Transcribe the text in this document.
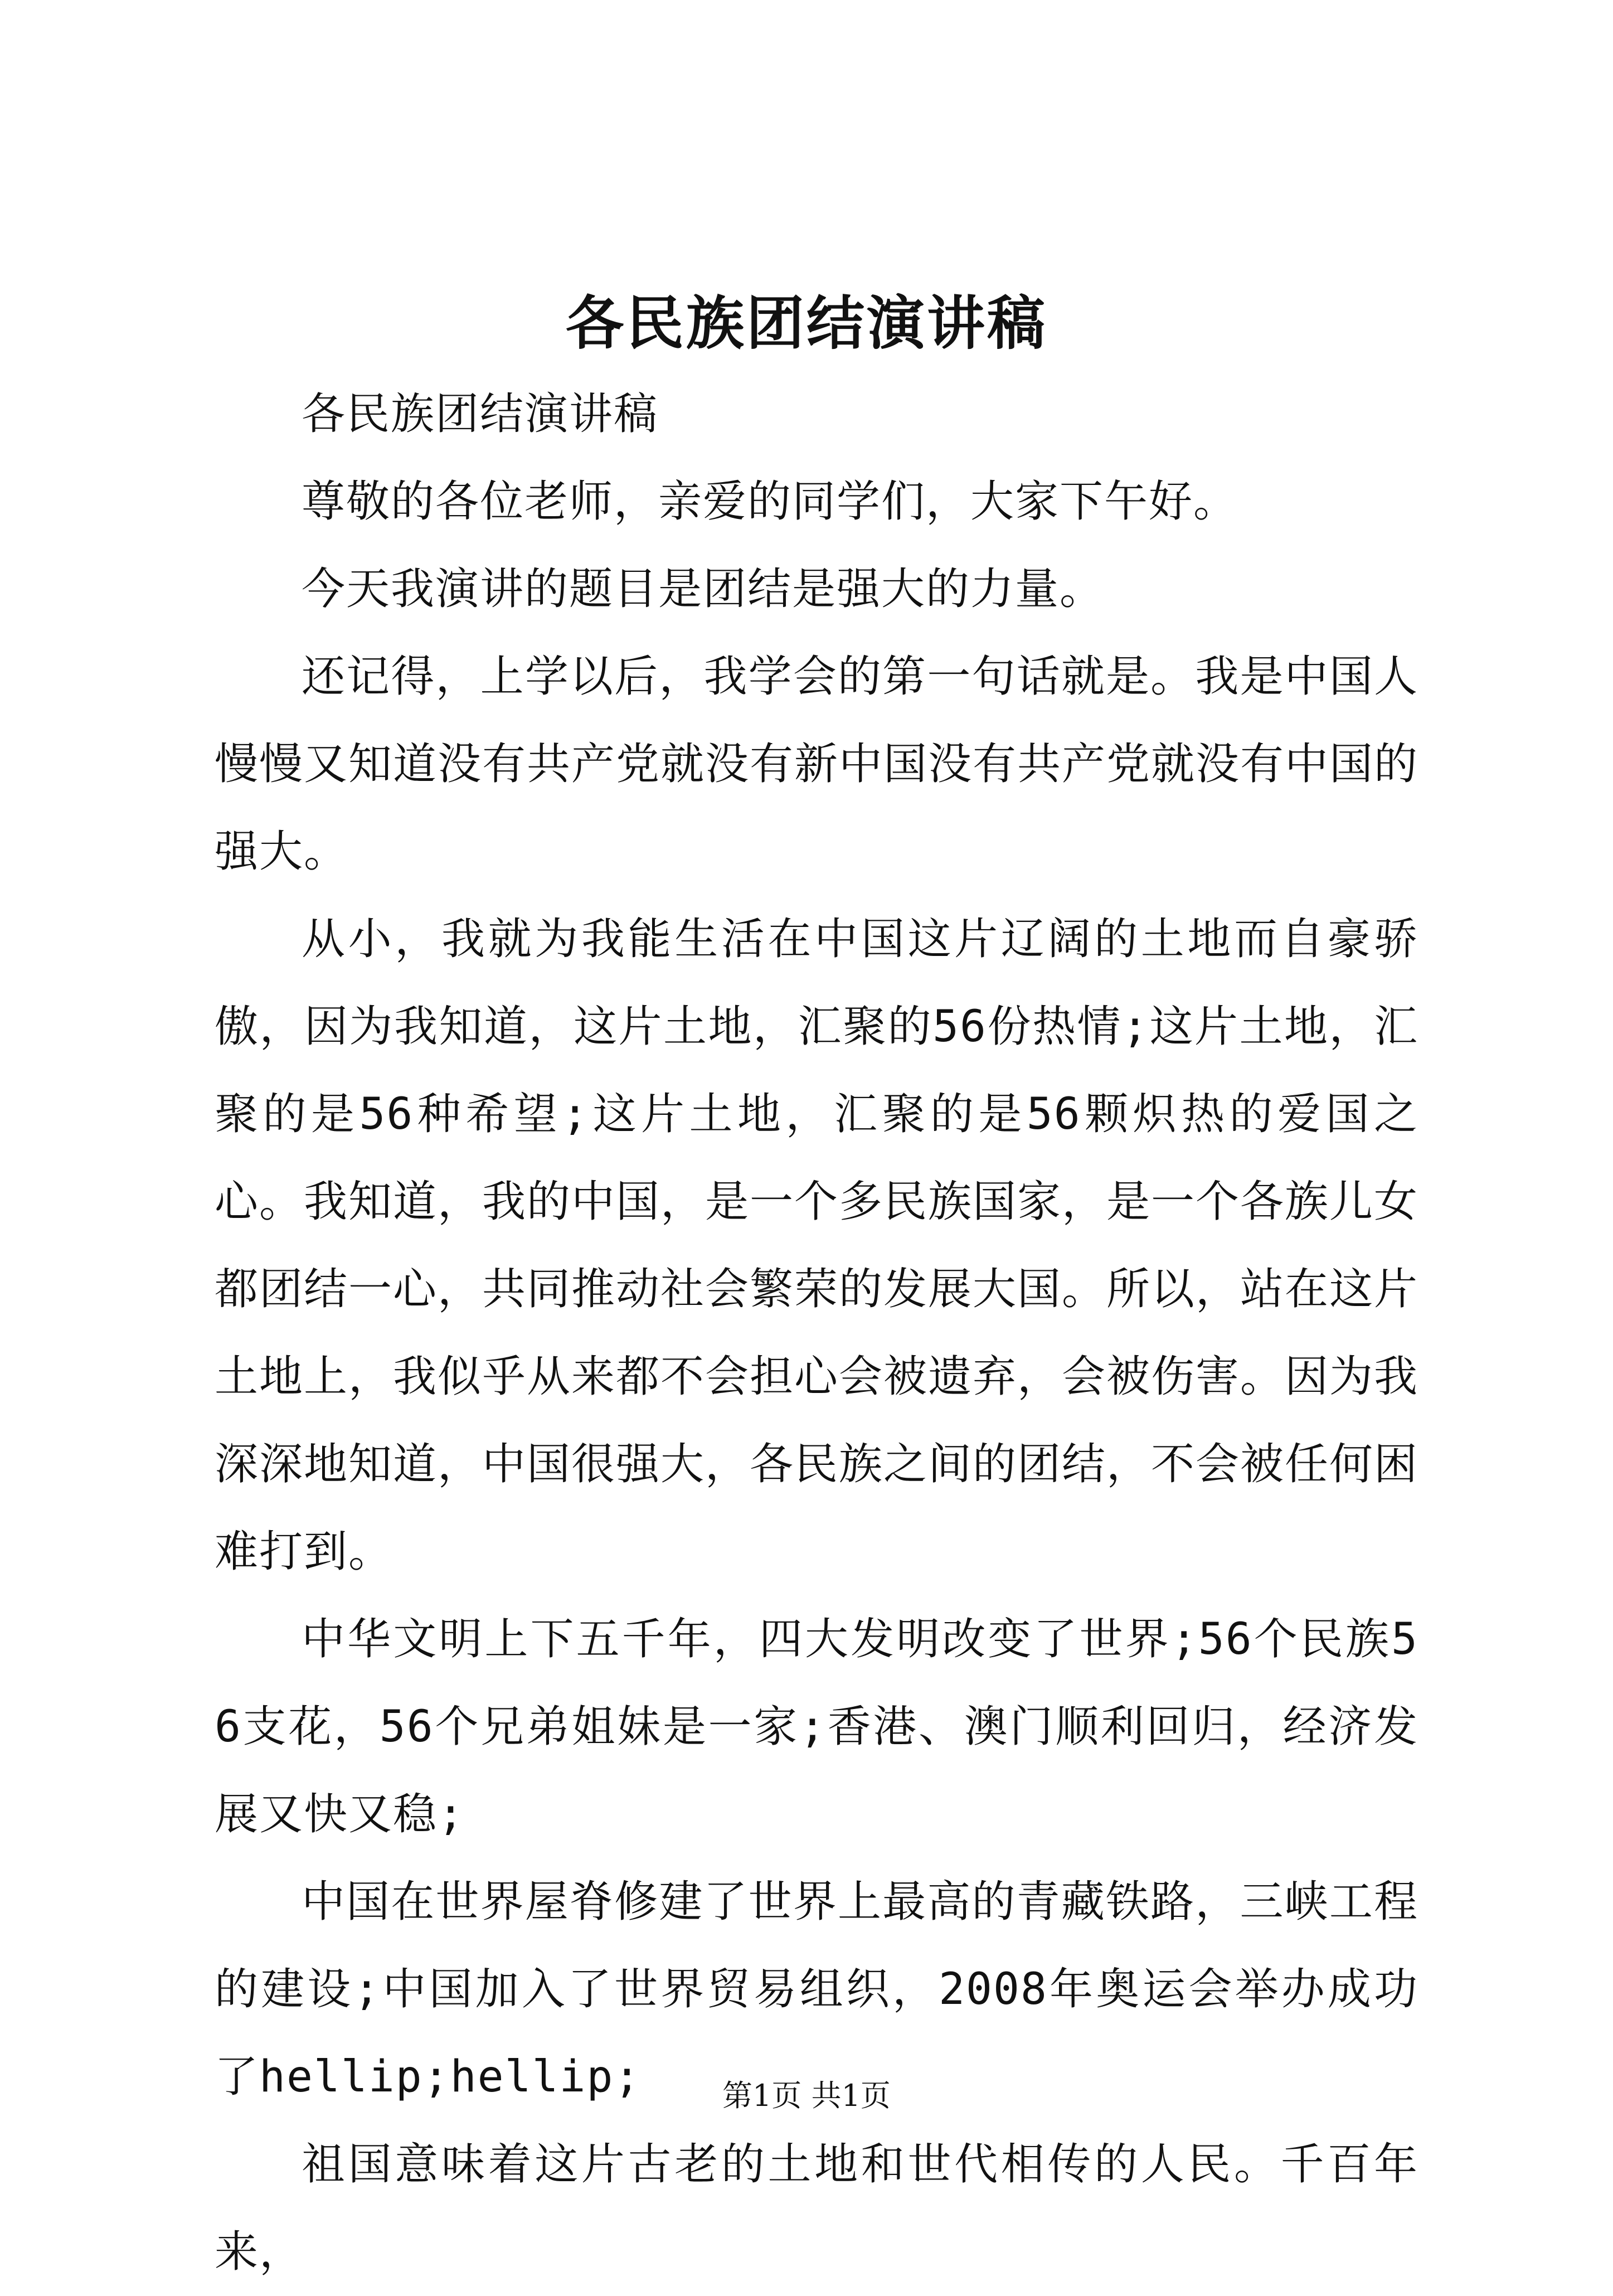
各民族团结演讲稿

各民族团结演讲稿

尊敬的各位老师，亲爱的同学们，大家下午好。

今天我演讲的题目是团结是强大的力量。

还记得，上学以后，我学会的第一句话就是。我是中国人慢慢又知道没有共产党就没有新中国没有共产党就没有中国的强大。

从小，我就为我能生活在中国这片辽阔的土地而自豪骄傲，因为我知道，这片土地，汇聚的56份热情;这片土地，汇聚的是56种希望;这片土地，汇聚的是56颗炽热的爱国之心。我知道，我的中国，是一个多民族国家，是一个各族儿女都团结一心，共同推动社会繁荣的发展大国。所以，站在这片土地上，我似乎从来都不会担心会被遗弃，会被伤害。因为我深深地知道，中国很强大，各民族之间的团结，不会被任何困难打到。

中华文明上下五千年，四大发明改变了世界;56个民族56支花，56个兄弟姐妹是一家;香港、澳门顺利回归，经济发展又快又稳;

中国在世界屋脊修建了世界上最高的青藏铁路，三峡工程的建设;中国加入了世界贸易组织，2008年奥运会举办成功了hellip;hellip;

祖国意味着这片古老的土地和世代相传的人民。千百年来，

第1页 共1页
